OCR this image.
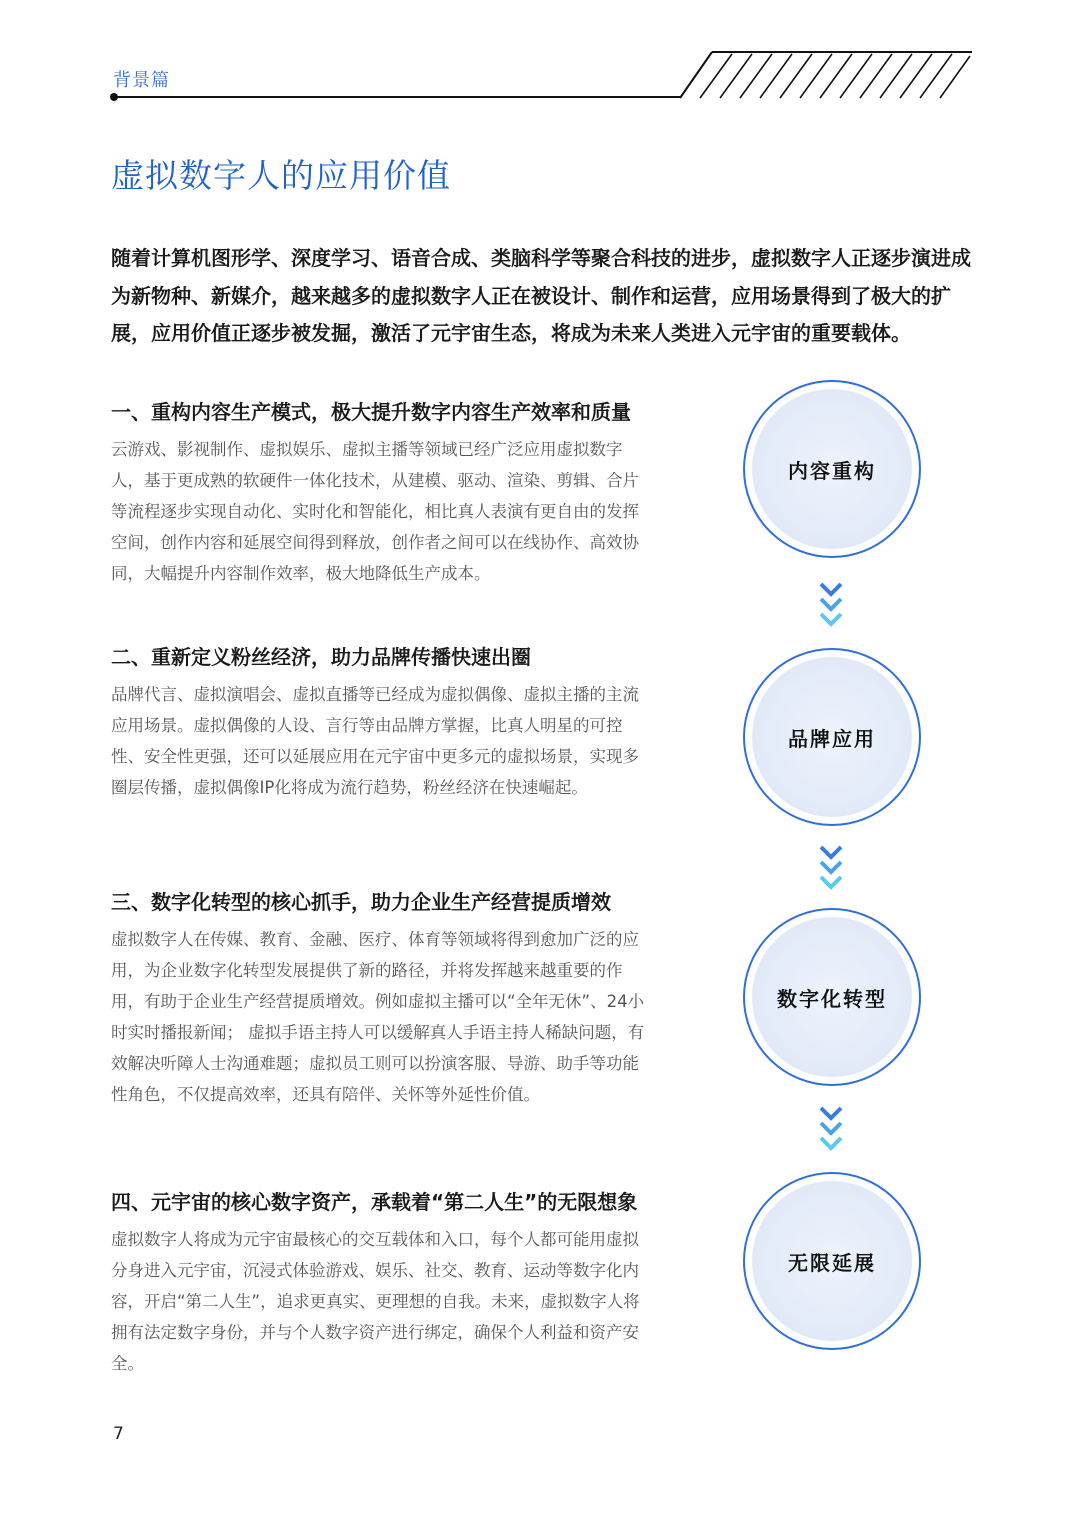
背景篇
虚拟数字人的应用价值

随着计算机图形学、深度学习、语音合成、类脑科学等聚合科技的进步，虚拟数字人正逐步演进成为新物种、新媒介，越来越多的虚拟数字人正在被设计、制作和运营，应用场景得到了极大的扩展，应用价值正逐步被发掘，激活了元宇宙生态，将成为未来人类进入元宇宙的重要载体。

一、重构内容生产模式，极大提升数字内容生产效率和质量

云游戏、影视制作、虚拟娱乐、虚拟主播等领域已经广泛应用虚拟数字人，基于更成熟的软硬件一体化技术，从建模、驱动、渲染、剪辑、合片等流程逐步实现自动化、实时化和智能化，相比真人表演有更自由的发挥空间，创作内容和延展空间得到释放，创作者之间可以在线协作、高效协同，大幅提升内容制作效率，极大地降低生产成本。

二、重新定义粉丝经济，助力品牌传播快速出圈

品牌代言、虚拟演唱会、虚拟直播等已经成为虚拟偶像、虚拟主播的主流应用场景。虚拟偶像的人设、言行等由品牌方掌握，比真人明星的可控性、安全性更强，还可以延展应用在元宇宙中更多元的虚拟场景，实现多圈层传播，虚拟偶像IP化将成为流行趋势，粉丝经济在快速崛起。

三、数字化转型的核心抓手，助力企业生产经营提质增效

虚拟数字人在传媒、教育、金融、医疗、体育等领域将得到愈加广泛的应用，为企业数字化转型发展提供了新的路径，并将发挥越来越重要的作用，有助于企业生产经营提质增效。例如虚拟主播可以“全年无休”、24小时实时播报新闻； 虚拟手语主持人可以缓解真人手语主持人稀缺问题，有效解决听障人士沟通难题；虚拟员工则可以扮演客服、导游、助手等功能性角色，不仅提高效率，还具有陪伴、关怀等外延性价值。

四、元宇宙的核心数字资产，承载着“第二人生”的无限想象

虚拟数字人将成为元宇宙最核心的交互载体和入口，每个人都可能用虚拟分身进入元宇宙，沉浸式体验游戏、娱乐、社交、教育、运动等数字化内容，开启“第二人生”，追求更真实、更理想的自我。未来，虚拟数字人将拥有法定数字身份，并与个人数字资产进行绑定，确保个人利益和资产安全。

内容重构
品牌应用
数字化转型
无限延展
7
